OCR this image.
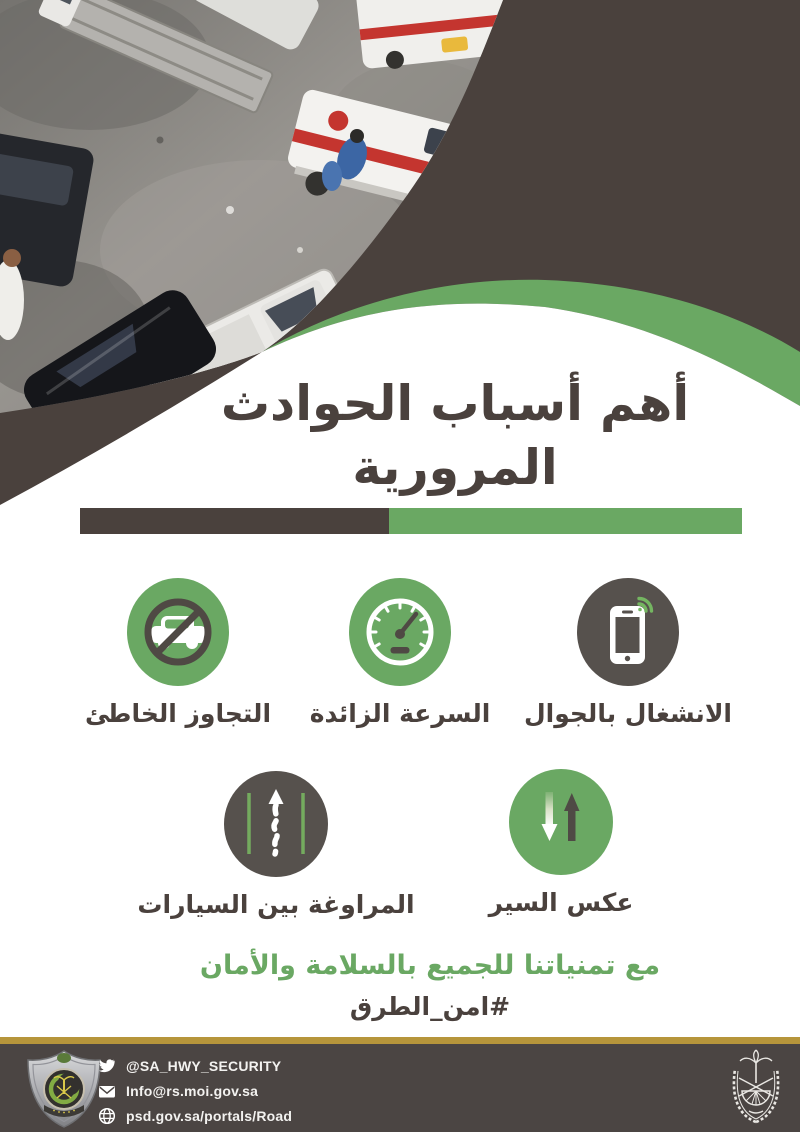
أهم أسباب الحوادث المرورية
التجاوز الخاطئ السرعة الزائدة الانشغال بالجوال
المراوغة بين السيارات	عكس السير
مع تمنياتنا للجميع بالسلامة والأمان
#امن_الطرق
@SA_HWY_SECURITY
Info@rs.moi.gov.sa
psd.gov.sa/portals/Road
